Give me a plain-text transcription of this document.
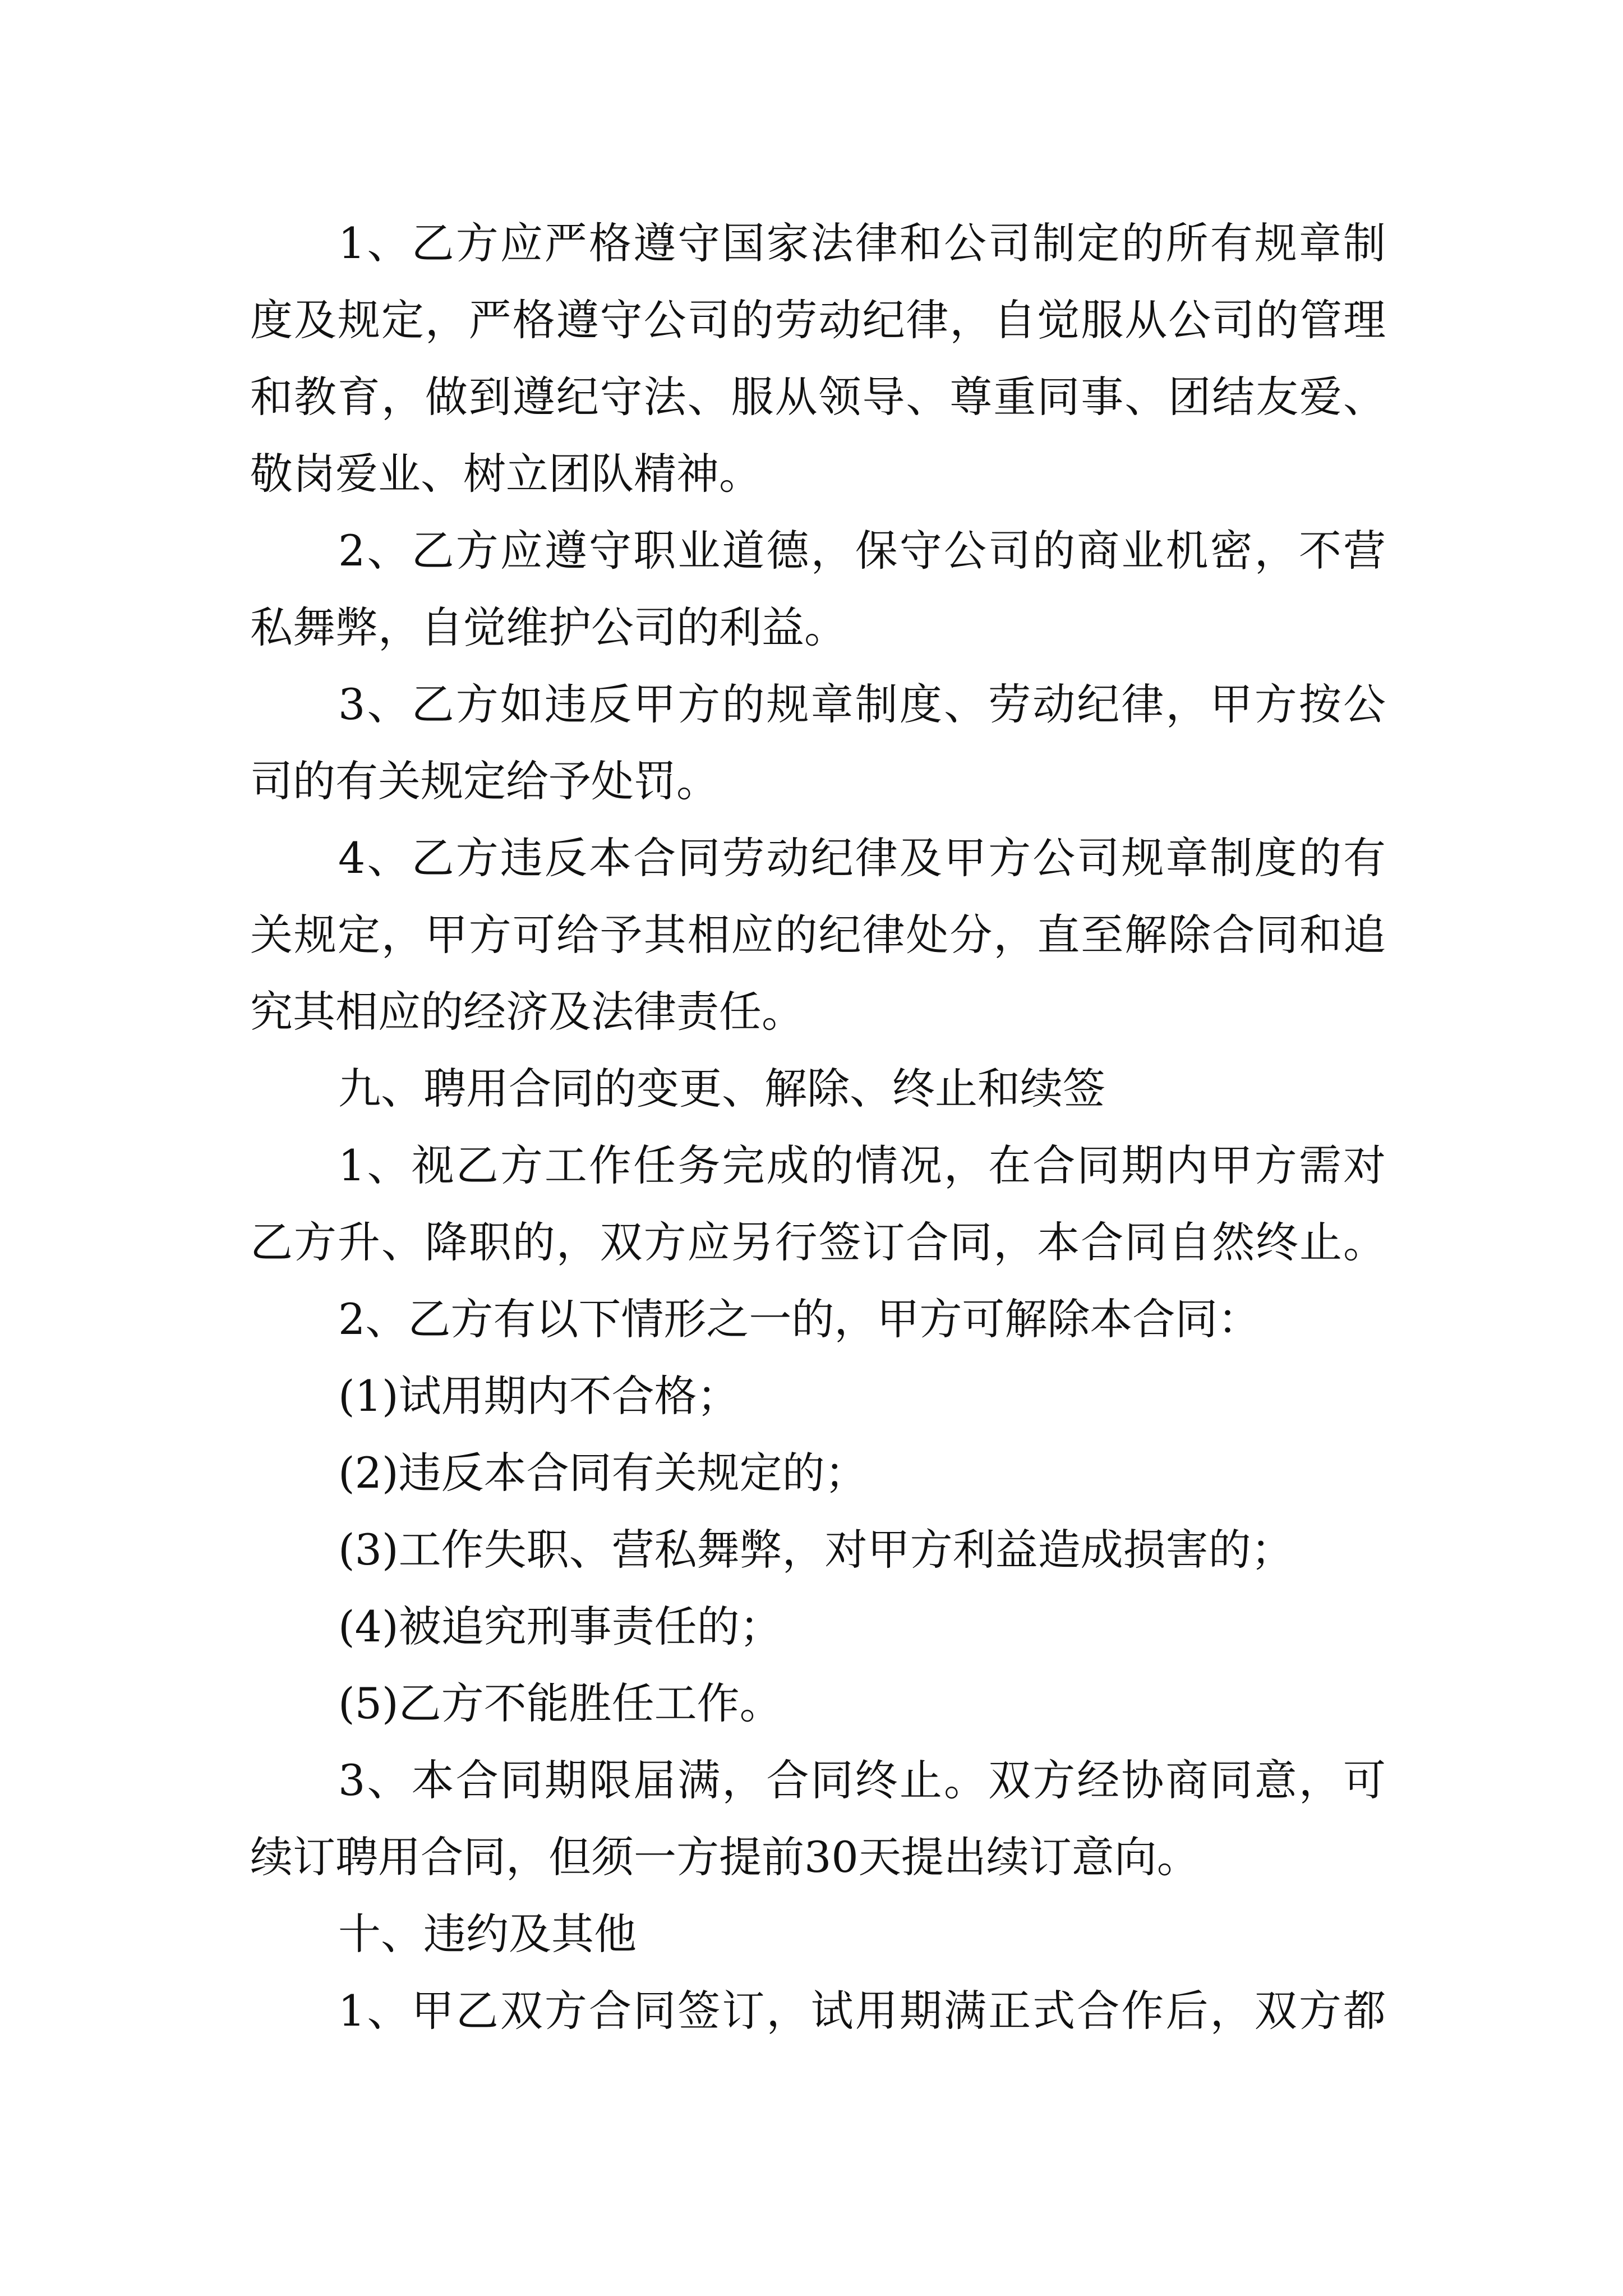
1、乙方应严格遵守国家法律和公司制定的所有规章制
度及规定，严格遵守公司的劳动纪律，自觉服从公司的管理
和教育，做到遵纪守法、服从领导、尊重同事、团结友爱、
敬岗爱业、树立团队精神。
2、乙方应遵守职业道德，保守公司的商业机密，不营
私舞弊，自觉维护公司的利益。
3、乙方如违反甲方的规章制度、劳动纪律，甲方按公
司的有关规定给予处罚。
4、乙方违反本合同劳动纪律及甲方公司规章制度的有
关规定，甲方可给予其相应的纪律处分，直至解除合同和追
究其相应的经济及法律责任。
九、聘用合同的变更、解除、终止和续签
1、视乙方工作任务完成的情况，在合同期内甲方需对
乙方升、降职的，双方应另行签订合同，本合同自然终止。
2、乙方有以下情形之一的，甲方可解除本合同：
(1)试用期内不合格；
(2)违反本合同有关规定的；
(3)工作失职、营私舞弊，对甲方利益造成损害的；
(4)被追究刑事责任的；
(5)乙方不能胜任工作。
3、本合同期限届满，合同终止。双方经协商同意，可
续订聘用合同，但须一方提前30天提出续订意向。
十、违约及其他
1、甲乙双方合同签订，试用期满正式合作后，双方都
